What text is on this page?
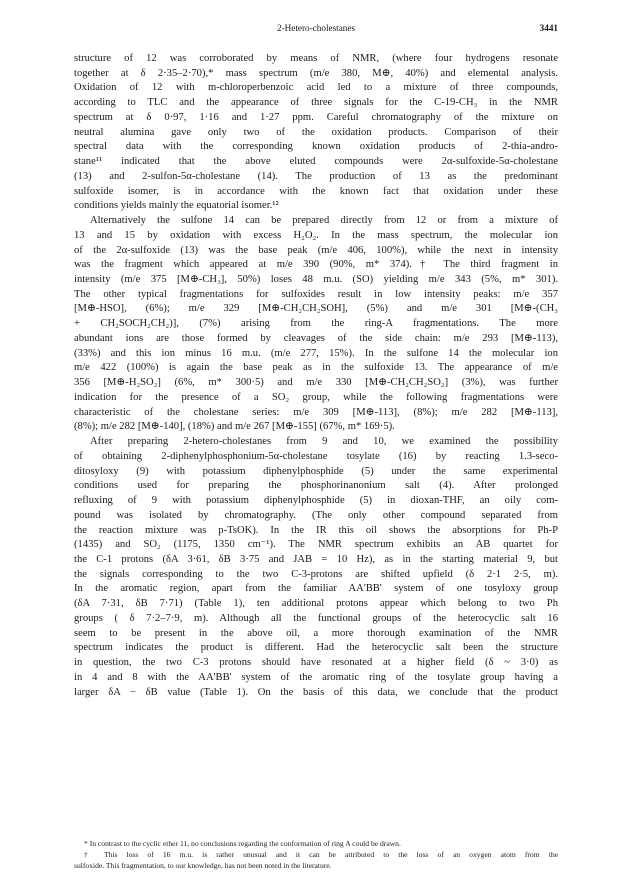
2-Hetero-cholestanes	3441
structure of 12 was corroborated by means of NMR, (where four hydrogens resonate
together at δ 2·35–2·70),* mass spectrum (m/e 380, M⊕, 40%) and elemental analysis.
Oxidation of 12 with m-chloroperbenzoic acid led to a mixture of three compounds,
according to TLC and the appearance of three signals for the C-19-CH₃ in the NMR
spectrum at δ 0·97, 1·16 and 1·27 ppm. Careful chromatography of the mixture on
neutral alumina gave only two of the oxidation products. Comparison of their
spectral data with the corresponding known oxidation products of 2-thia-andro-
stane¹¹ indicated that the above eluted compounds were 2α-sulfoxide-5α-cholestane
(13) and 2-sulfon-5α-cholestane (14). The production of 13 as the predominant
sulfoxide isomer, is in accordance with the known fact that oxidation under these
conditions yields mainly the equatorial isomer.¹²
Alternatively the sulfone 14 can be prepared directly from 12 or from a mixture of
13 and 15 by oxidation with excess H₂O₂. In the mass spectrum, the molecular ion
of the 2α-sulfoxide (13) was the base peak (m/e 406, 100%), while the next in intensity
was the fragment which appeared at m/e 390 (90%, m* 374).† The third fragment in
intensity (m/e 375 [M⊕-CH₃], 50%) loses 48 m.u. (SO) yielding m/e 343 (5%, m* 301).
The other typical fragmentations for sulfoxides result in low intensity peaks: m/e 357
[M⊕-HSO], (6%); m/e 329 [M⊕-CH₂CH₂SOH], (5%) and m/e 301 [M⊕-(CH₃
+ CH₂SOCH₂CH₂)], (7%) arising from the ring-A fragmentations. The more
abundant ions are those formed by cleavages of the side chain: m/e 293 [M⊕-113),
(33%) and this ion minus 16 m.u. (m/e 277, 15%). In the sulfone 14 the molecular ion
m/e 422 (100%) is again the base peak as in the sulfoxide 13. The appearance of m/e
356 [M⊕-H₂SO₂] (6%, m* 300·5) and m/e 330 [M⊕-CH₂CH₂SO₂] (3%), was further
indication for the presence of a SO₂ group, while the following fragmentations were
characteristic of the cholestane series: m/e 309 [M⊕-113], (8%); m/e 282 [M⊕-113],
(8%); m/e 282 [M⊕-140], (18%) and m/e 267 [M⊕-155] (67%, m* 169·5).
After preparing 2-hetero-cholestanes from 9 and 10, we examined the possibility
of obtaining 2-diphenylphosphonium-5α-cholestane tosylate (16) by reacting 1.3-seco-
ditosyloxy (9) with potassium diphenylphosphide (5) under the same experimental
conditions used for preparing the phosphorinanonium salt (4). After prolonged
refluxing of 9 with potassium diphenylphosphide (5) in dioxan-THF, an oily com-
pound was isolated by chromatography. (The only other compound separated from
the reaction mixture was p-TsOK). In the IR this oil shows the absorptions for Ph-P
(1435) and SO₂ (1175, 1350 cm⁻¹). The NMR spectrum exhibits an AB quartet for
the C-1 protons (δA 3·61, δB 3·75 and JAB = 10 Hz), as in the starting material 9, but
the signals corresponding to the two C-3-protons are shifted upfield (δ 2·1 2·5, m).
In the aromatic region, apart from the familiar AA'BB' system of one tosyloxy group
(δA 7·31, δB 7·71) (Table 1), ten additional protons appear which belong to two Ph
groups ( δ 7·2–7·9, m). Although all the functional groups of the heterocyclic salt 16
seem to be present in the above oil, a more thorough examination of the NMR
spectrum indicates the product is different. Had the heterocyclic salt been the structure
in question, the two C-3 protons should have resonated at a higher field (δ ~ 3·0) as
in 4 and 8 with the AA'BB' system of the aromatic ring of the tosylate group having a
larger δA − δB value (Table 1). On the basis of this data, we conclude that the product
* In contrast to the cyclic ether 11, no conclusions regarding the conformation of ring A could be drawn.
† This loss of 16 m.u. is rather unusual and it can be attributed to the loss of an oxygen atom from the
sulfoxide. This fragmentation, to our knowledge, has not been noted in the literature.
